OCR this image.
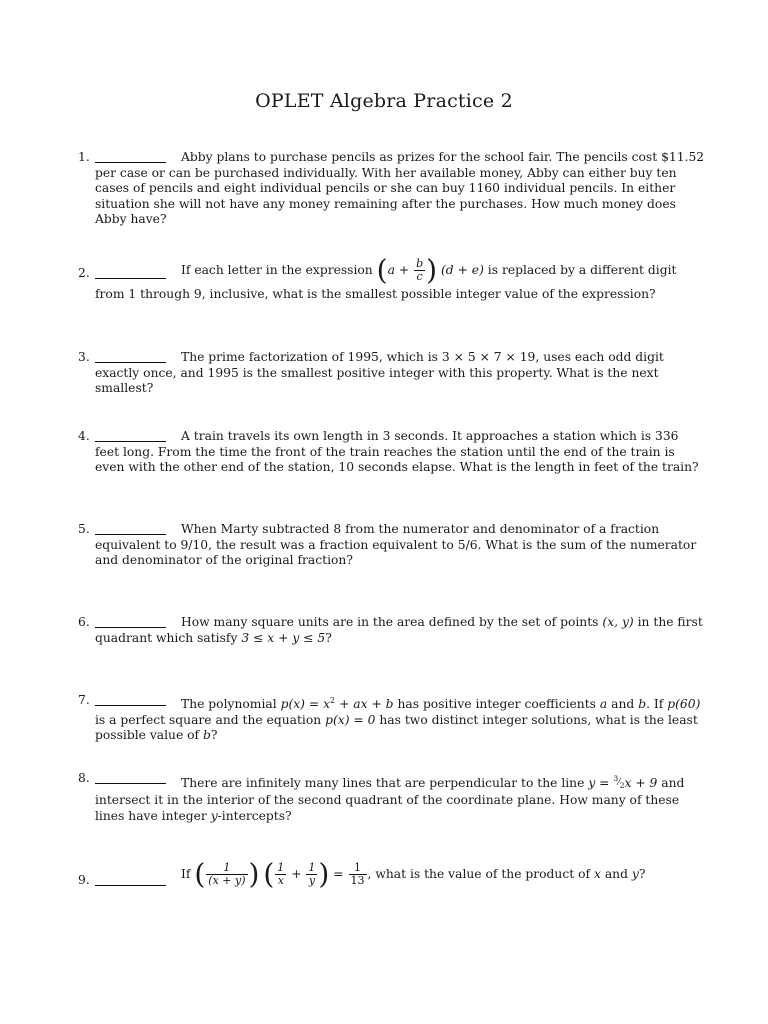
OPLET Algebra Practice 2
1.	Abby plans to purchase pencils as prizes for the school fair. The pencils cost $11.52 per case or can be purchased individually. With her available money, Abby can either buy ten cases of pencils and eight individual pencils or she can buy 1160 individual pencils. In either situation she will not have any money remaining after the purchases. How much money does Abby have?
2.	If each letter in the expression ($a + \frac{b}{c}$ ) (d + e) is replaced by a different digit from 1 through 9, inclusive, what is the smallest possible integer value of the expression?
3.	The prime factorization of 1995, which is 3 × 5 × 7 × 19, uses each odd digit exactly once, and 1995 is the smallest positive integer with this property. What is the next smallest?
4.	A train travels its own length in 3 seconds. It approaches a station which is 336 feet long. From the time the front of the train reaches the station until the end of the train is even with the other end of the station, 10 seconds elapse. What is the length in feet of the train?
5.	When Marty subtracted 8 from the numerator and denominator of a fraction equivalent to 9/10, the result was a fraction equivalent to 5/6. What is the sum of the numerator and denominator of the original fraction?
6.	How many square units are in the area defined by the set of points (x, y) in the first quadrant which satisfy 3 ≤ x + y ≤ 5?
7.	The polynomial $p(x) = x^2$ + ax + b has positive integer coefficients a and b. If p(60) is a perfect square and the equation p(x) = 0 has two distinct integer solutions, what is the least possible value of b?
8.	There are infinitely many lines that are perpendicular to the line $y = ^3⁄_2x + 9$ and intersect it in the interior of the second quadrant of the coordinate plane. How many of these lines have integer y-intercepts?
9.	If ( $\frac{1}{(x + y)}$ ) ( $\frac{1}{x} + \frac{1}{y}$ ) = $\frac{1}{13}$ , what is the value of the product of x and y?
